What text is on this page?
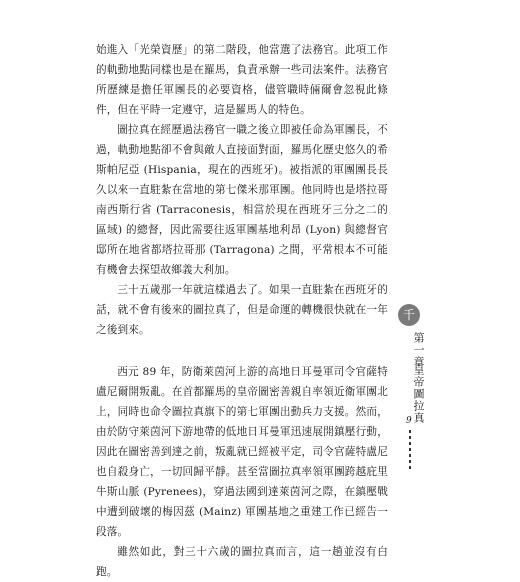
始進入「光榮資歷」的第二階段，他當選了法務官。此項工作的軌動地點同樣也是在羅馬，負責承辦一些司法案件。法務官所歷練是擔任軍團長的必要資格，儘管職時倆爾會忽視此條件，但在平時一定遵守，這是羅馬人的特色。

圖拉真在經歷過法務官一職之後立即被任命為軍團長，不過，軌動地點卻不會與敵人直接面對面，羅馬化歷史悠久的希斯帕尼亞 (Hispania，現在的西班牙)。被指派的軍團團長長久以來一直駐紮在當地的第七傑米那軍團。他同時也是塔拉哥南西斯行省 (Tarraconesis，相當於現在西班牙三分之二的區域) 的總督，因此需要往返軍團基地利昂 (Lyon) 與總督官邸所在地省都塔拉哥那 (Tarragona) 之間，平常根本不可能有機會去探望故鄉義大利加。

三十五歲那一年就這樣過去了。如果一直駐紮在西班牙的話，就不會有後來的圖拉真了，但是命運的轉機很快就在一年之後到來。

西元 89 年，防衛萊茵河上游的高地日耳曼軍司令官薩特盧尼爾開叛亂。在首都羅馬的皇帝圖密善親自率領近衛軍團北上，同時也命令圖拉真旗下的第七軍團出動兵力支援。然而，由於防守萊茵河下游地帶的低地日耳曼軍迅速展開鎮壓行動，因此在圖密善到達之前，叛亂就已經被平定，司令官薩特盧尼也自殺身亡，一切回歸平靜。甚至當圖拉真率領軍團跨越庇里牛斯山脈 (Pyrenees)，穿過法國到達萊茵河之際，在鎮壓戰中遭到破壞的梅因茲 (Mainz) 軍團基地之重建工作已經告一段落。

雖然如此，對三十六歲的圖拉真而言，這一趟並沒有白跑。

千
第一章
皇帝圖拉真
9
